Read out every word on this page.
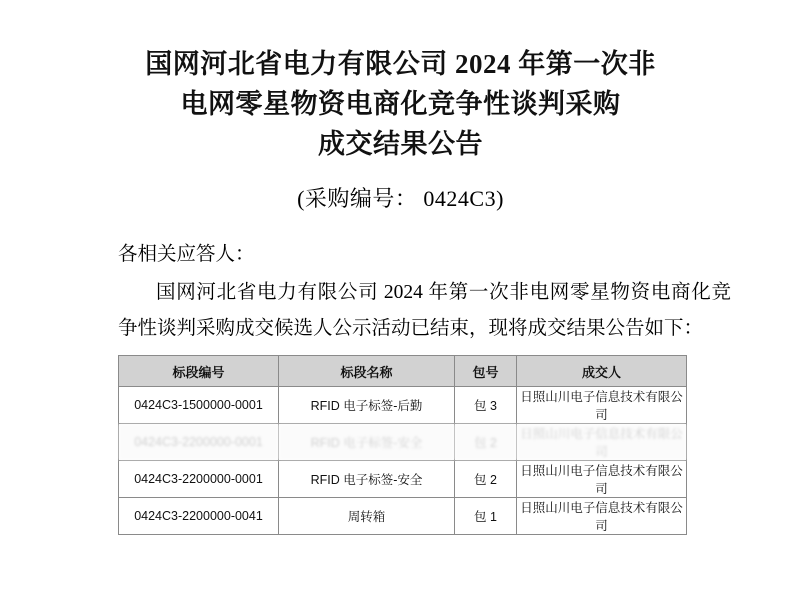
国网河北省电力有限公司 2024 年第一次非
电网零星物资电商化竞争性谈判采购
成交结果公告
(采购编号： 0424C3)
各相关应答人：
国网河北省电力有限公司 2024 年第一次非电网零星物资电商化竞争性谈判采购成交候选人公示活动已结束，现将成交结果公告如下：
标段编号	标段名称	包号	成交人
0424C3-1500000-0001	RFID 电子标签-后勤	包 3	日照山川电子信息技术有限公司
0424C3-2200000-0001	RFID 电子标签-安全	包 2	日照山川电子信息技术有限公司
0424C3-2200000-0001	RFID 电子标签-安全	包 2	日照山川电子信息技术有限公司
0424C3-2200000-0041	周转箱	包 1	日照山川电子信息技术有限公司
